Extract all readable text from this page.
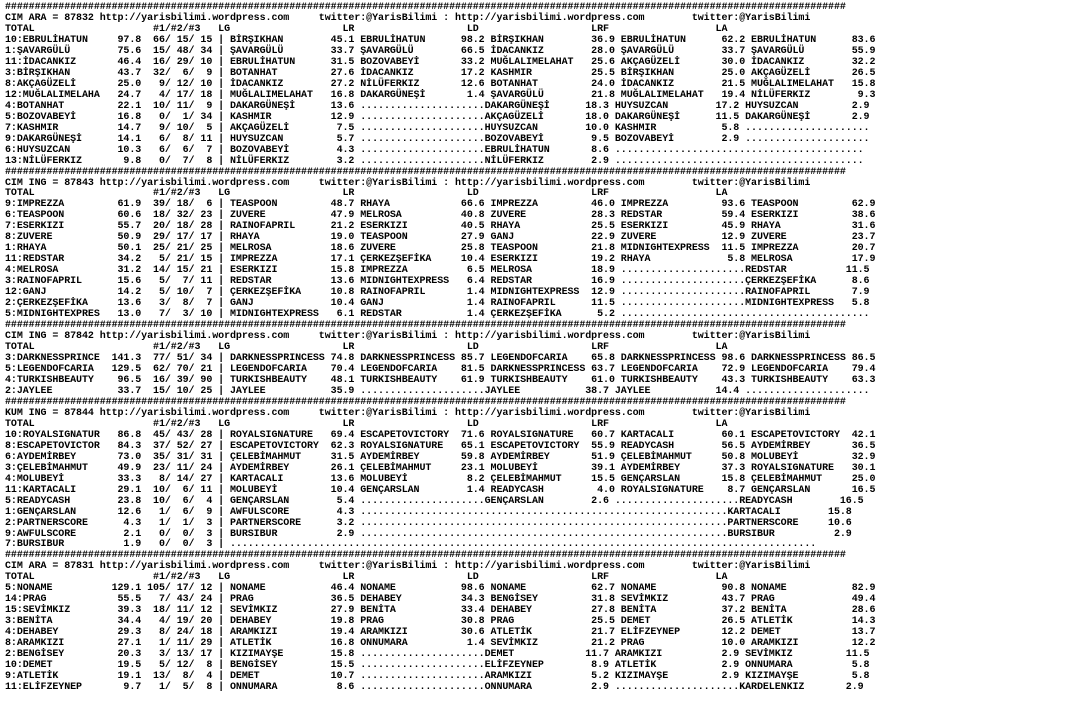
##############################################################################################################################################
CIM ARA = 87832 http://yarisbilimi.wordpress.com     twitter:@YarisBilimi : http://yarisbilimi.wordpress.com        twitter:@YarisBilimi
TOTAL                    #1/#2/#3   LG                   LR                   LD                   LRF                  LA
10:EBRULİHATUN     97.8  66/ 15/ 15 | BİRŞIKHAN        45.1 EBRULİHATUN      98.2 BİRŞIKHAN        36.9 EBRULİHATUN      62.2 EBRULİHATUN      83.6
1:ŞAVARGÜLÜ        75.6  15/ 48/ 34 | ŞAVARGÜLÜ        33.7 ŞAVARGÜLÜ        66.5 İDACANKIZ        28.0 ŞAVARGÜLÜ        33.7 ŞAVARGÜLÜ        55.9
11:İDACANKIZ       46.4  16/ 29/ 10 | EBRULİHATUN      31.5 BOZOVABEYİ       33.2 MUĞLALIMELAHAT   25.6 AKÇAGÜZELİ       30.0 İDACANKIZ        32.2
3:BİRŞIKHAN        43.7  32/  6/  9 | BOTANHAT         27.6 İDACANKIZ        17.2 KASHMIR          25.5 BİRŞIKHAN        25.0 AKÇAGÜZELİ       26.5
8:AKÇAGÜZELİ       25.0   9/ 12/ 10 | İDACANKIZ        27.2 NİLÜFERKIZ       12.6 BOTANHAT         24.0 İDACANKIZ        21.5 MUĞLALIMELAHAT   15.8
12:MUĞLALIMELAHA   24.7   4/ 17/ 18 | MUĞLALIMELAHAT   16.8 DAKARGÜNEŞİ       1.4 ŞAVARGÜLÜ        21.8 MUĞLALIMELAHAT   19.4 NİLÜFERKIZ        9.3
4:BOTANHAT         22.1  10/ 11/  9 | DAKARGÜNEŞİ      13.6 .....................DAKARGÜNEŞİ      18.3 HUYSUZCAN        17.2 HUYSUZCAN         2.9
5:BOZOVABEYİ       16.8   0/  1/ 34 | KASHMIR          12.9 .....................AKÇAGÜZELİ       18.0 DAKARGÜNEŞİ      11.5 DAKARGÜNEŞİ       2.9
7:KASHMIR          14.7   9/ 10/  5 | AKÇAGÜZELİ        7.5 .....................HUYSUZCAN        10.0 KASHMIR           5.8 .....................
9:DAKARGÜNEŞİ      14.1   6/  8/ 11 | HUYSUZCAN         5.7 .....................BOZOVABEYİ        9.5 BOZOVABEYİ        2.9 .....................
6:HUYSUZCAN        10.3   6/  6/  7 | BOZOVABEYİ        4.3 .....................EBRULİHATUN       8.6 ..........................................
13:NİLÜFERKIZ       9.8   0/  7/  8 | NİLÜFERKIZ        3.2 .....................NİLÜFERKIZ        2.9 ..........................................
##############################################################################################################################################
CIM ING = 87843 http://yarisbilimi.wordpress.com     twitter:@YarisBilimi : http://yarisbilimi.wordpress.com        twitter:@YarisBilimi
TOTAL                    #1/#2/#3   LG                   LR                   LD                   LRF                  LA
9:IMPREZZA         61.9  39/ 18/  6 | TEASPOON         48.7 RHAYA            66.6 IMPREZZA         46.0 IMPREZZA         93.6 TEASPOON         62.9
6:TEASPOON         60.6  18/ 32/ 23 | ZUVERE           47.9 MELROSA          40.8 ZUVERE           28.3 REDSTAR          59.4 ESERKIZI         38.6
7:ESERKIZI         55.7  20/ 18/ 28 | RAINOFAPRIL      21.2 ESERKIZI         40.5 RHAYA            25.5 ESERKIZI         45.9 RHAYA            31.6
8:ZUVERE           50.9  29/ 17/ 17 | RHAYA            19.0 TEASPOON         27.9 GANJ             22.9 ZUVERE           12.9 ZUVERE           23.7
1:RHAYA            50.1  25/ 21/ 25 | MELROSA          18.6 ZUVERE           25.8 TEASPOON         21.8 MIDNIGHTEXPRESS  11.5 IMPREZZA         20.7
11:REDSTAR         34.2   5/ 21/ 15 | IMPREZZA         17.1 ÇERKEZŞEFİKA     10.4 ESERKIZI         19.2 RHAYA             5.8 MELROSA          17.9
4:MELROSA          31.2  14/ 15/ 21 | ESERKIZI         15.8 IMPREZZA          6.5 MELROSA          18.9 .....................REDSTAR          11.5
3:RAINOFAPRIL      15.6   5/  7/ 11 | REDSTAR          13.6 MIDNIGHTEXPRESS   6.4 REDSTAR          16.9 .....................ÇERKEZŞEFİKA      8.6
12:GANJ            14.2   5/ 10/  7 | ÇERKEZŞEFİKA     10.8 RAINOFAPRIL       1.4 MIDNIGHTEXPRESS  12.9 .....................RAINOFAPRIL       7.9
2:ÇERKEZŞEFİKA     13.6   3/  8/  7 | GANJ             10.4 GANJ              1.4 RAINOFAPRIL      11.5 .....................MIDNIGHTEXPRESS   5.8
5:MIDNIGHTEXPRES   13.0   7/  3/ 10 | MIDNIGHTEXPRESS   6.1 REDSTAR           1.4 ÇERKEZŞEFİKA      5.2 ..........................................
##############################################################################################################################################
CIM ING = 87842 http://yarisbilimi.wordpress.com     twitter:@YarisBilimi : http://yarisbilimi.wordpress.com        twitter:@YarisBilimi
TOTAL                    #1/#2/#3   LG                   LR                   LD                   LRF                  LA
3:DARKNESSPRINCE  141.3  77/ 51/ 34 | DARKNESSPRINCESS 74.8 DARKNESSPRINCESS 85.7 LEGENDOFCARIA    65.8 DARKNESSPRINCESS 98.6 DARKNESSPRINCESS 86.5
5:LEGENDOFCARIA   129.5  62/ 70/ 21 | LEGENDOFCARIA    70.4 LEGENDOFCARIA    81.5 DARKNESSPRINCESS 63.7 LEGENDOFCARIA    72.9 LEGENDOFCARIA    79.4
4:TURKISHBEAUTY    96.5  16/ 39/ 90 | TURKISHBEAUTY    48.1 TURKISHBEAUTY    61.9 TURKISHBEAUTY    61.0 TURKISHBEAUTY    43.3 TURKISHBEAUTY    63.3
2:JAYLEE           33.7  15/ 10/ 25 | JAYLEE           35.9 .....................JAYLEE           38.7 JAYLEE           14.4 .....................
##############################################################################################################################################
KUM ING = 87844 http://yarisbilimi.wordpress.com     twitter:@YarisBilimi : http://yarisbilimi.wordpress.com        twitter:@YarisBilimi
TOTAL                    #1/#2/#3   LG                   LR                   LD                   LRF                  LA
10:ROYALSIGNATUR   86.8  45/ 43/ 28 | ROYALSIGNATURE   69.4 ESCAPETOVICTORY  71.6 ROYALSIGNATURE   60.7 KARTACALI        60.1 ESCAPETOVICTORY  42.1
8:ESCAPETOVICTOR   84.3  37/ 52/ 27 | ESCAPETOVICTORY  62.3 ROYALSIGNATURE   65.1 ESCAPETOVICTORY  55.9 READYCASH        56.5 AYDEMİRBEY       36.5
6:AYDEMİRBEY       73.0  35/ 31/ 31 | ÇELEBİMAHMUT     31.5 AYDEMİRBEY       59.8 AYDEMİRBEY       51.9 ÇELEBİMAHMUT     50.8 MOLUBEYİ         32.9
3:ÇELEBİMAHMUT     49.9  23/ 11/ 24 | AYDEMİRBEY       26.1 ÇELEBİMAHMUT     23.1 MOLUBEYİ         39.1 AYDEMİRBEY       37.3 ROYALSIGNATURE   30.1
4:MOLUBEYİ         33.3   8/ 14/ 27 | KARTACALI        13.6 MOLUBEYİ          8.2 ÇELEBİMAHMUT     15.5 GENÇARSLAN       15.8 ÇELEBİMAHMUT     25.0
11:KARTACALI       29.1  10/  6/ 11 | MOLUBEYİ         10.4 GENÇARSLAN        1.4 READYCASH         4.0 ROYALSIGNATURE    8.7 GENÇARSLAN       16.5
5:READYCASH        23.8  10/  6/  4 | GENÇARSLAN        5.4 .....................GENÇARSLAN        2.6 .....................READYCASH        16.5
1:GENÇARSLAN       12.6   1/  6/  9 | AWFULSCORE        4.3 ..............................................................KARTACALI        15.8
2:PARTNERSCORE      4.3   1/  1/  3 | PARTNERSCORE      3.2 ..............................................................PARTNERSCORE     10.6
9:AWFULSCORE        2.1   0/  0/  3 | BURSIBUR          2.9 ..............................................................BURSIBUR          2.9
7:BURSIBUR          1.9   0/  0/  3 | ...................................................................................................
##############################################################################################################################################
CIM ARA = 87831 http://yarisbilimi.wordpress.com     twitter:@YarisBilimi : http://yarisbilimi.wordpress.com        twitter:@YarisBilimi
TOTAL                    #1/#2/#3   LG                   LR                   LD                   LRF                  LA
5:NONAME          129.1 105/ 17/ 12 | NONAME           46.4 NONAME           98.6 NONAME           62.7 NONAME           90.8 NONAME           82.9
14:PRAG            55.5   7/ 43/ 24 | PRAG             36.5 DEHABEY          34.3 BENGİSEY         31.8 SEVİMKIZ         43.7 PRAG             49.4
15:SEVİMKIZ        39.3  18/ 11/ 12 | SEVİMKIZ         27.9 BENİTA           33.4 DEHABEY          27.8 BENİTA           37.2 BENİTA           28.6
3:BENİTA           34.4   4/ 19/ 20 | DEHABEY          19.8 PRAG             30.8 PRAG             25.5 DEMET            26.5 ATLETİK          14.3
4:DEHABEY          29.3   8/ 24/ 18 | ARAMKIZI         19.4 ARAMKIZI         30.6 ATLETİK          21.7 ELİFZEYNEP       12.2 DEMET            13.7
8:ARAMKIZI         27.1   1/ 11/ 29 | ATLETİK          16.8 ONNUMARA          1.4 SEVİMKIZ         21.2 PRAG             10.0 ARAMKIZI         12.2
2:BENGİSEY         20.3   3/ 13/ 17 | KIZIMAYŞE        15.8 .....................DEMET            11.7 ARAMKIZI          2.9 SEVİMKIZ         11.5
10:DEMET           19.5   5/ 12/  8 | BENGİSEY         15.5 .....................ELİFZEYNEP        8.9 ATLETİK           2.9 ONNUMARA          5.8
9:ATLETİK          19.1  13/  8/  4 | DEMET            10.7 .....................ARAMKIZI          5.2 KIZIMAYŞE         2.9 KIZIMAYŞE         5.8
11:ELİFZEYNEP       9.7   1/  5/  8 | ONNUMARA          8.6 .....................ONNUMARA          2.9 .....................KARDELENKIZ       2.9
